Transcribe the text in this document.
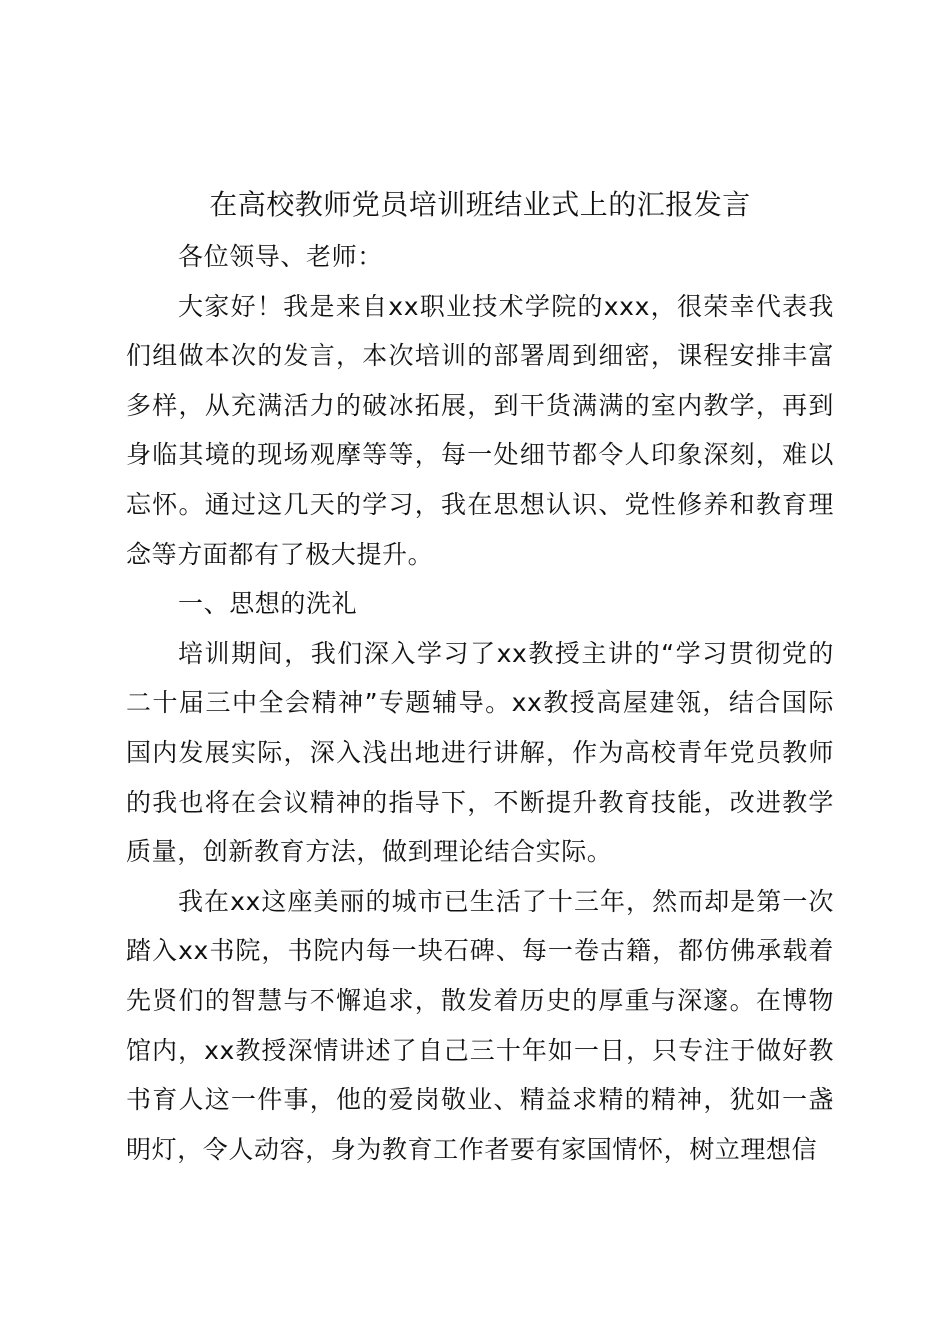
在高校教师党员培训班结业式上的汇报发言

各位领导、老师：

大家好！我是来自xx职业技术学院的xxx，很荣幸代表我们组做本次的发言，本次培训的部署周到细密，课程安排丰富多样，从充满活力的破冰拓展，到干货满满的室内教学，再到身临其境的现场观摩等等，每一处细节都令人印象深刻，难以忘怀。通过这几天的学习，我在思想认识、党性修养和教育理念等方面都有了极大提升。

一、思想的洗礼

培训期间，我们深入学习了xx教授主讲的“学习贯彻党的二十届三中全会精神”专题辅导。xx教授高屋建瓴，结合国际国内发展实际，深入浅出地进行讲解，作为高校青年党员教师的我也将在会议精神的指导下，不断提升教育技能，改进教学质量，创新教育方法，做到理论结合实际。

我在xx这座美丽的城市已生活了十三年，然而却是第一次踏入xx书院，书院内每一块石碑、每一卷古籍，都仿佛承载着先贤们的智慧与不懈追求，散发着历史的厚重与深邃。在博物馆内，xx教授深情讲述了自己三十年如一日，只专注于做好教书育人这一件事，他的爱岗敬业、精益求精的精神，犹如一盏明灯，令人动容，身为教育工作者要有家国情怀，树立理想信
